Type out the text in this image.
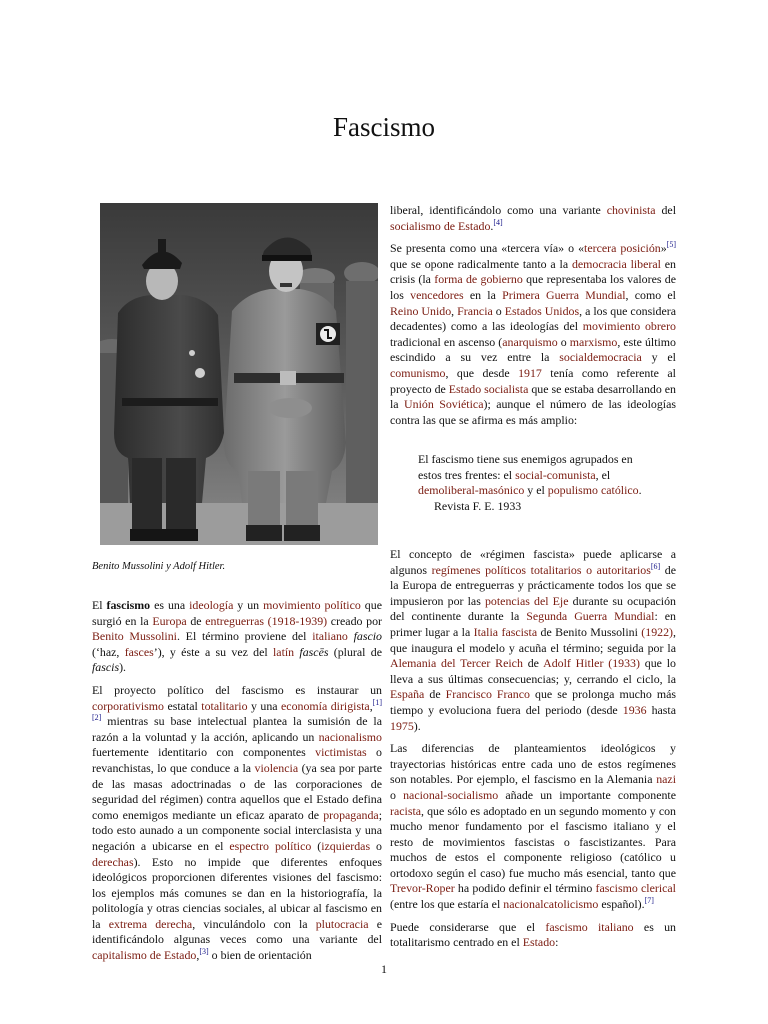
Fascismo
Benito Mussolini y Adolf Hitler.

El fascismo es una ideología y un movimiento político que surgió en la Europa de entreguerras (1918-1939) creado por Benito Mussolini. El término proviene del italiano fascio (‘haz, fasces’), y éste a su vez del latín fascēs (plural de fascis).

El proyecto político del fascismo es instaurar un corporativismo estatal totalitario y una economía dirigista,[1][2] mientras su base intelectual plantea la sumisión de la razón a la voluntad y la acción, aplicando un nacionalismo fuertemente identitario con componentes victimistas o revanchistas, lo que conduce a la violencia (ya sea por parte de las masas adoctrinadas o de las corporaciones de seguridad del régimen) contra aquellos que el Estado defina como enemigos mediante un eficaz aparato de propaganda; todo esto aunado a un componente social interclasista y una negación a ubicarse en el espectro político (izquierdas o derechas). Esto no impide que diferentes enfoques ideológicos proporcionen diferentes visiones del fascismo: los ejemplos más comunes se dan en la historiografía, la politología y otras ciencias sociales, al ubicar al fascismo en la extrema derecha, vinculándolo con la plutocracia e identificándolo algunas veces como una variante del capitalismo de Estado,[3] o bien de orientación

liberal, identificándolo como una variante chovinista del socialismo de Estado.[4]

Se presenta como una «tercera vía» o «tercera posición»[5] que se opone radicalmente tanto a la democracia liberal en crisis (la forma de gobierno que representaba los valores de los vencedores en la Primera Guerra Mundial, como el Reino Unido, Francia o Estados Unidos, a los que considera decadentes) como a las ideologías del movimiento obrero tradicional en ascenso (anarquismo o marxismo, este último escindido a su vez entre la socialdemocracia y el comunismo, que desde 1917 tenía como referente al proyecto de Estado socialista que se estaba desarrollando en la Unión Soviética); aunque el número de las ideologías contra las que se afirma es más amplio:

El fascismo tiene sus enemigos agrupados en estos tres frentes: el social-comunista, el demoliberal-masónico y el populismo católico.
Revista F. E. 1933

El concepto de «régimen fascista» puede aplicarse a algunos regímenes políticos totalitarios o autoritarios[6] de la Europa de entreguerras y prácticamente todos los que se impusieron por las potencias del Eje durante su ocupación del continente durante la Segunda Guerra Mundial: en primer lugar a la Italia fascista de Benito Mussolini (1922), que inaugura el modelo y acuña el término; seguida por la Alemania del Tercer Reich de Adolf Hitler (1933) que lo lleva a sus últimas consecuencias; y, cerrando el ciclo, la España de Francisco Franco que se prolonga mucho más tiempo y evoluciona fuera del periodo (desde 1936 hasta 1975).

Las diferencias de planteamientos ideológicos y trayectorias históricas entre cada uno de estos regímenes son notables. Por ejemplo, el fascismo en la Alemania nazi o nacional-socialismo añade un importante componente racista, que sólo es adoptado en un segundo momento y con mucho menor fundamento por el fascismo italiano y el resto de movimientos fascistas o fascistizantes. Para muchos de estos el componente religioso (católico u ortodoxo según el caso) fue mucho más esencial, tanto que Trevor-Roper ha podido definir el término fascismo clerical (entre los que estaría el nacionalcatolicismo español).[7]

Puede considerarse que el fascismo italiano es un totalitarismo centrado en el Estado:

1
